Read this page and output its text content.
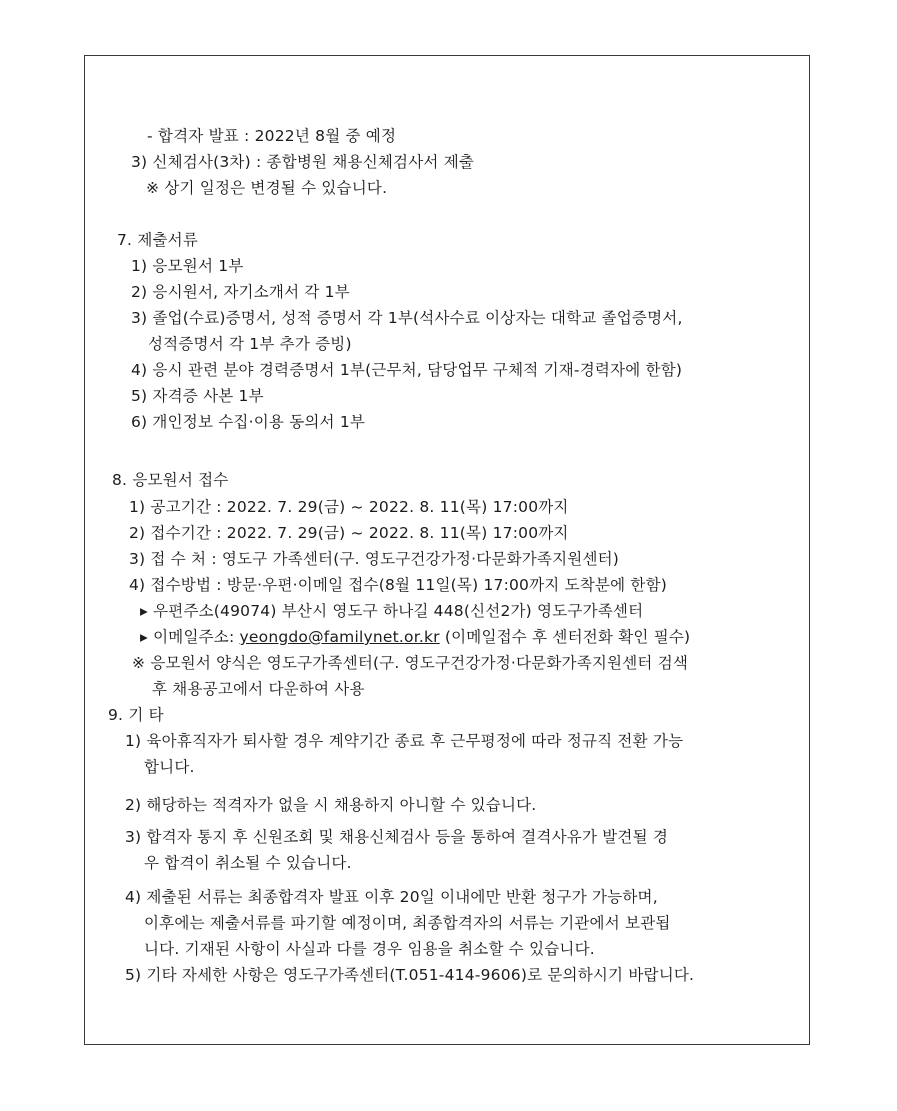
- 합격자 발표 : 2022년 8월 중 예정
3) 신체검사(3차) : 종합병원 채용신체검사서 제출
※ 상기 일정은 변경될 수 있습니다.
7. 제출서류
1) 응모원서 1부
2) 응시원서, 자기소개서 각 1부
3) 졸업(수료)증명서, 성적 증명서 각 1부(석사수료 이상자는 대학교 졸업증명서,
성적증명서 각 1부 추가 증빙)
4) 응시 관련 분야 경력증명서 1부(근무처, 담당업무 구체적 기재-경력자에 한함)
5) 자격증 사본 1부
6) 개인정보 수집·이용 동의서 1부
8. 응모원서 접수
1) 공고기간 : 2022. 7. 29(금) ~ 2022. 8. 11(목) 17:00까지
2) 접수기간 : 2022. 7. 29(금) ~ 2022. 8. 11(목) 17:00까지
3) 접 수 처 : 영도구 가족센터(구. 영도구건강가정·다문화가족지원센터)
4) 접수방법 : 방문·우편·이메일 접수(8월 11일(목) 17:00까지 도착분에 한함)
▸ 우편주소(49074) 부산시 영도구 하나길 448(신선2가) 영도구가족센터
▸ 이메일주소: yeongdo@familynet.or.kr (이메일접수 후 센터전화 확인 필수)
※ 응모원서 양식은 영도구가족센터(구. 영도구건강가정·다문화가족지원센터 검색
후 채용공고에서 다운하여 사용
9. 기 타
1) 육아휴직자가 퇴사할 경우 계약기간 종료 후 근무평정에 따라 정규직 전환 가능
합니다.
2) 해당하는 적격자가 없을 시 채용하지 아니할 수 있습니다.
3) 합격자 통지 후 신원조회 및 채용신체검사 등을 통하여 결격사유가 발견될 경
우 합격이 취소될 수 있습니다.
4) 제출된 서류는 최종합격자 발표 이후 20일 이내에만 반환 청구가 가능하며,
이후에는 제출서류를 파기할 예정이며, 최종합격자의 서류는 기관에서 보관됩
니다. 기재된 사항이 사실과 다를 경우 임용을 취소할 수 있습니다.
5) 기타 자세한 사항은 영도구가족센터(T.051-414-9606)로 문의하시기 바랍니다.
